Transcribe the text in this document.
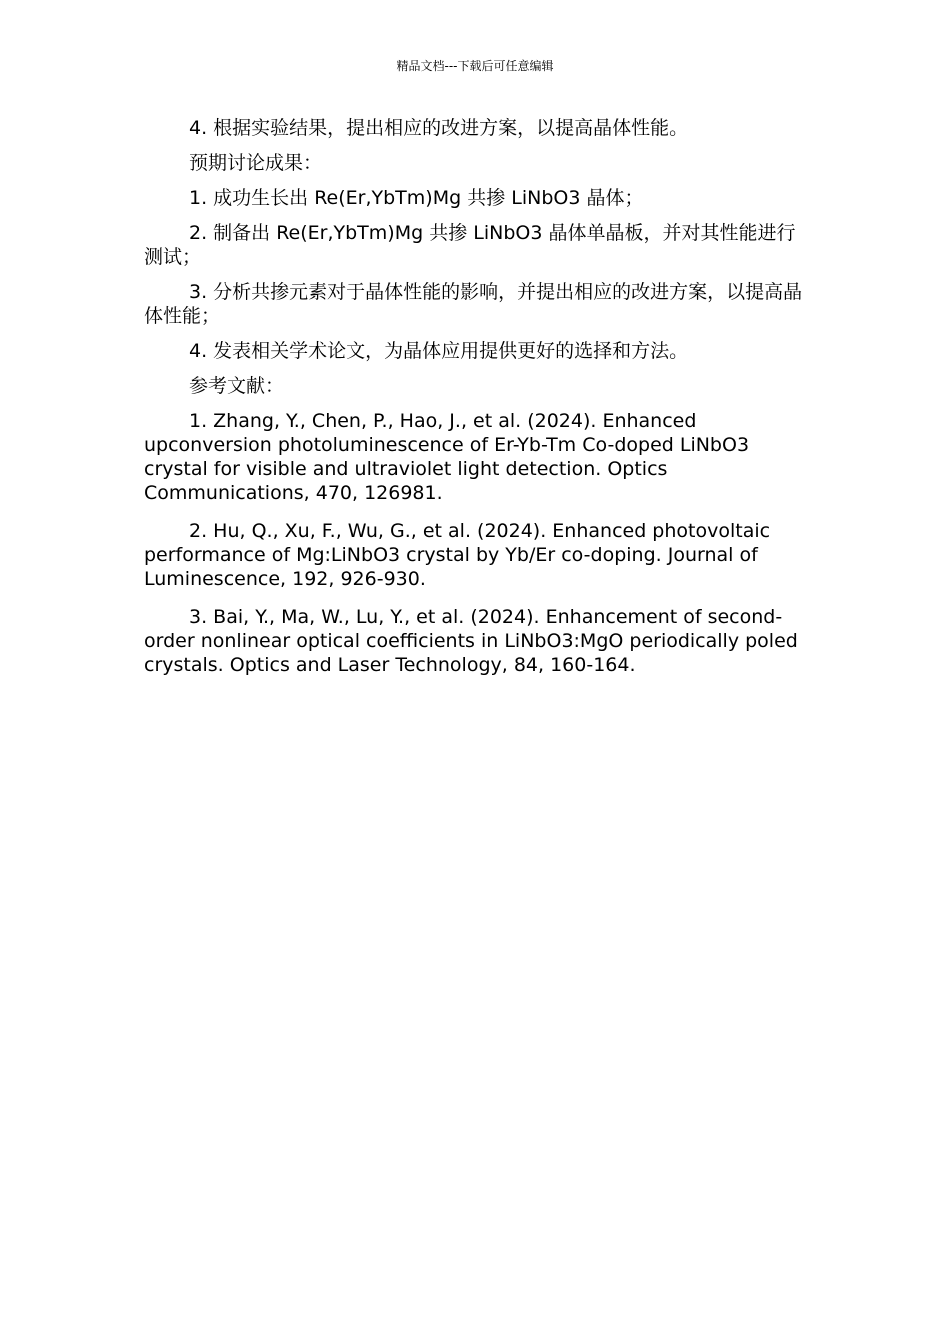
精品文档---下载后可任意编辑

4. 根据实验结果，提出相应的改进方案，以提高晶体性能。

预期讨论成果：

1. 成功生长出 Re(Er,YbTm)Mg 共掺 LiNbO3 晶体；

2. 制备出 Re(Er,YbTm)Mg 共掺 LiNbO3 晶体单晶板，并对其性能进行测试；

3. 分析共掺元素对于晶体性能的影响，并提出相应的改进方案，以提高晶体性能；

4. 发表相关学术论文，为晶体应用提供更好的选择和方法。

参考文献：

1. Zhang, Y., Chen, P., Hao, J., et al. (2024). Enhanced upconversion photoluminescence of Er-Yb-Tm Co-doped LiNbO3 crystal for visible and ultraviolet light detection. Optics Communications, 470, 126981.

2. Hu, Q., Xu, F., Wu, G., et al. (2024). Enhanced photovoltaic performance of Mg:LiNbO3 crystal by Yb/Er co-doping. Journal of Luminescence, 192, 926-930.

3. Bai, Y., Ma, W., Lu, Y., et al. (2024). Enhancement of second-order nonlinear optical coefficients in LiNbO3:MgO periodically poled crystals. Optics and Laser Technology, 84, 160-164.
